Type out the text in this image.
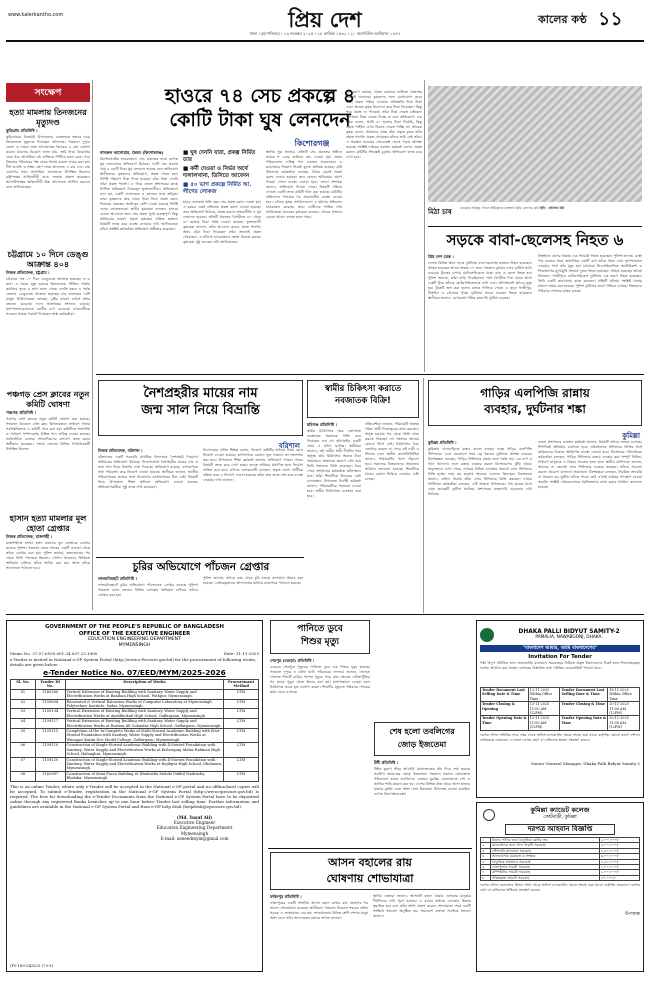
www.kalerkantho.com	প্রিয় দেশ
ঢাকা । বৃহস্পতিবার । ১৩ নভেম্বর ২০২৫ । ২৮ কার্তিক ১৪৩২ । ২০ জমাদিউল আউয়াল ১৪৪৭
কালের কণ্ঠ ১১
সংক্ষেপ
হত্যা মামলায় তিনজনের মৃত্যুদণ্ড
কুড়িগ্রাম প্রতিনিধি ।

কুড়িগ্রামের চিলমারী উপজেলার একজনকে হত্যার দায়ে তিনজনকে মৃত্যুদণ্ড দিয়েছেন আদালত। গতকাল দুপুরে জেলা ও দায়রা জজ আদালতের বিচারক এ রায় ঘোষণা করেন। মামলার বিবরণে জানা যায়, জমি নিয়ে বিরোধের জের ধরে আসামিরা ওই ব্যক্তিকে পিটিয়ে হত্যা করে। পরে নিহতের পরিবারের পক্ষ থেকে থানায় মামলা দায়ের করা হয়। দীর্ঘ শুনানি ও সাক্ষ্য গ্রহণ শেষে আদালত এ রায় দেন। রায় ঘোষণার সময় আসামিরা আদালতে উপস্থিত ছিলেন। রাষ্ট্রপক্ষের আইনজীবী রায়ে সন্তোষ প্রকাশ করেছেন। আসামিপক্ষের আইনজীবী উচ্চ আদালতে আপিল করবেন বলে জানিয়েছেন।

চট্টগ্রামে ১০ দিনে ডেঙ্গু আক্রান্ত ৪০৪
নিজস্ব প্রতিবেদক, চট্টগ্রাম ।

চট্টগ্রামে গত ১০ দিনে ডেঙ্গুতে আক্রান্ত হয়েছেন ৪০৪ জন। এ সময়ে মৃত্যু হয়েছে তিনজনের। সিভিল সার্জন কার্যালয় সূত্রে এ তথ্য জানা গেছে। চলতি বছরে এ পর্যন্ত জেলায় ডেঙ্গুতে আক্রান্ত হয়েছেন চার হাজারের বেশি মানুষ। চিকিৎসকেরা বলছেন, বৃষ্টির কারণে এডিস মশার প্রজনন বেড়েছে। ফলে আক্রান্তের সংখ্যাও বাড়ছে। হাসপাতালগুলোতে রোগীর চাপ বেড়েছে। নগরবাসীকে সচেতন থাকার পরামর্শ দিয়েছেন স্বাস্থ্য কর্মকর্তারা।

পঞ্চগড় প্রেস ক্লাবের নতুন কমিটি ঘোষণা
পঞ্চগড় প্রতিনিধি ।

পঞ্চগড় প্রেস ক্লাবের নতুন কমিটি ঘোষণা করা হয়েছে। গতকাল বিকেলে প্রেস ক্লাব মিলনায়তনে সাধারণ সভায় সর্বসম্মতিক্রমে এ কমিটি গঠন করা হয়। কমিটিতে সভাপতি ও সাধারণ সম্পাদকসহ বিভিন্ন পদে দায়িত্ব দেওয়া হয়েছে। নবনির্বাচিত নেতারা সাংবাদিকদের কল্যাণে কাজ করার অঙ্গীকার করেছেন। সভায় জেলার বিভিন্ন গণমাধ্যমকর্মী উপস্থিত ছিলেন।

হাসান হত্যা মামলার মূল হোতা গ্রেপ্তার
নিজস্ব প্রতিবেদক, রাজশাহী ।

রাজশাহীতে হাসান হত্যা মামলার মূল হোতাকে গ্রেপ্তার করেছে পুলিশ। গতকাল রাতে নগরের একটি এলাকা থেকে তাঁকে গ্রেপ্তার করা হয়। পুলিশ জানায়, হত্যাকাণ্ডের পর থেকে তিনি পলাতক ছিলেন। গোপন সংবাদের ভিত্তিতে অভিযান চালিয়ে তাঁকে আটক করা হয়। আজ তাঁকে আদালতে পাঠানো হবে।

হাওরে ৭৪ সেচ প্রকল্পে ৪
কোটি টাকা ঘুষ লেনদেন
কিশোরগঞ্জ
নাসরুল আনোয়ার, ভৈরব (কিশোরগঞ্জ)

কিশোরগঞ্জের হাওরাঞ্চলে সেচ প্রকল্পের নামে ব্যাপক ঘুষ লেনদেনের অভিযোগ উঠেছে। ৭৪টি সেচ প্রকল্পে প্রায় ৪ কোটি টাকা ঘুষ লেনদেন হয়েছে বলে অভিযোগ স্থানীয়দের। কৃষকদের অভিযোগ, প্রকল্প পেতে হলে নির্দিষ্ট পরিমাণ টাকা দিতে হয়েছে। যাঁরা টাকা দেননি তাঁরা প্রকল্প পাননি। এ নিয়ে জেলা প্রশাসকের কাছে লিখিত অভিযোগ দিয়েছেন ভুক্তভোগীরা। অভিযোগে বলা হয়, একটি দালালচক্র এ কাজের সঙ্গে জড়িত। তারা কৃষকদের কাছ থেকে টাকা নিয়ে প্রকল্প বরাদ্দ দিয়েছে। প্রকল্পের অর্ধেকের বেশি দেওয়া হয়েছে নির্দিষ্ট দলের লোকজনকে। স্থানীয় কৃষকেরা বলছেন, হাওরে বোরো আবাদের জন্য সেচ প্রকল্প খুবই গুরুত্বপূর্ণ। কিন্তু অনিয়মের কারণে প্রকৃত কৃষকেরা বঞ্চিত হচ্ছেন। বিষয়টি তদন্ত করে ব্যবস্থা নেওয়ার দাবি জানিয়েছেন তাঁরা। সংশ্লিষ্ট কর্মকর্তারা অভিযোগ অস্বীকার করেছেন।

■ ঘুষ দেননি যারা, প্রকল্প নির্মিত তার
■ কর্মী দেওয়া ও নির্ভর অর্থে দালালখানা, ডিসিতে আবেদন
■ ৫০ ভাগ প্রকল্পে নির্মিত আ. লীগের লোকজ

হাওর এলাকায় প্রতি বছর সেচ প্রকল্প বরাদ্দ দেওয়া হয়। এ বছরও একই প্রক্রিয়ায় প্রকল্প বরাদ্দ দেওয়া হয়েছে। তবে অভিযোগ উঠেছে, প্রকল্প বরাদ্দে স্বজনপ্রীতি ও ঘুষ লেনদেন হয়েছে। প্রতিটি প্রকল্পের বিপরীতে ৪০ থেকে ৬০ হাজার টাকা পর্যন্ত নেওয়া হয়েছে। ভুক্তভোগী কৃষকেরা জানান, তাঁরা আবেদন করেও প্রকল্প পাননি। অথচ যাঁরা টাকা দিয়েছেন তাঁরা সহজেই প্রকল্প পেয়েছেন। এ ঘটনায় হাওরাঞ্চলে ক্ষোভ বিরাজ করছে। কৃষকেরা সুষ্ঠু তদন্তের দাবি জানিয়েছেন।

স্থানীয় সূত্র জানায়, প্রতিটি সেচ প্রকল্পের অধীনে কয়েক শ একর জমিতে সেচ দেওয়া হয়। প্রকল্প পরিচালনার দায়িত্ব পান একজন ম্যানেজার। এ ম্যানেজার নিয়োগ নিয়েই মূলত অনিয়ম হয়েছে। কৃষি বিভাগের কর্মকর্তারা বলছেন, নিয়ম মেনেই প্রকল্প বরাদ্দ দেওয়া হয়েছে। তবে কোনো অনিয়মের প্রমাণ পাওয়া গেলে ব্যবস্থা নেওয়া হবে। জেলা প্রশাসক জানান, অভিযোগ পাওয়া গেছে। বিষয়টি খতিয়ে দেখতে একটি তদন্ত কমিটি গঠন করা হয়েছে। কমিটির প্রতিবেদন পাওয়ার পর প্রয়োজনীয় ব্যবস্থা নেওয়া হবে। এদিকে কৃষক সংগঠনগুলো এ ঘটনার প্রতিবাদে মানববন্ধন করেছে। তারা দোষীদের শাস্তির দাবি জানিয়েছে। হাওরের কৃষকেরা বলছেন, সেচের অভাবে বোরো আবাদ ব্যাহত হতে পারে।

অভিযোগ রয়েছে, প্রকল্প বরাদ্দের তালিকা প্রকাশের আগেই দালালরা কৃষকদের সঙ্গে যোগাযোগ করে। তারা প্রকল্প পাইয়ে দেওয়ার প্রতিশ্রুতি দিয়ে টাকা নেয়। অনেক কৃষক ধারদেনা করে টাকা দিয়েছেন। কিন্তু পরে প্রকল্প না পাওয়ায় তাঁরা টাকা ফেরত চাইছেন। দালালরা টাকা ফেরত দিচ্ছে না বলে অভিযোগ। এক কৃষক বলেন, আমি ৫০ হাজার টাকা দিয়েছি, কিন্তু প্রকল্প পাইনি। এখন টাকাও ফেরত পাচ্ছি না। আরেক কৃষক বলেন, আমাদের গ্রামে যাঁরা প্রকৃত কৃষক তাঁরা প্রকল্প পাননি। প্রকল্প পেয়েছেন যাঁদের জমি নেই তাঁরা। এ অবস্থায় হাওরের সেচব্যবস্থা ভেঙে পড়ার আশঙ্কা রয়েছে। সংশ্লিষ্ট দপ্তরের একজন কর্মকর্তা বলেন, প্রকল্প বরাদ্দে কমিটির সিদ্ধান্তই চূড়ান্ত। অভিযোগ তদন্ত করে দেখা হবে।

মিঠা চাষ	বগুড়ায় আলুর খেতে শ্রমিকদের ব্যস্ততা। ছবি: কালের কণ্ঠ ছবি : কালের কণ্ঠ
সড়কে বাবা-ছেলেসহ নিহত ৬
প্রিয় দেশ ডেস্ক ।

দেশের বিভিন্ন স্থানে সড়ক দুর্ঘটনায় বাবা-ছেলেসহ ছয়জন নিহত হয়েছেন। আহত হয়েছেন আরো অন্তত ১০ জন। গতকাল বুধবার এসব দুর্ঘটনা ঘটে। বগুড়ায় ট্রাকের চাপায় মোটরসাইকেলে থাকা বাবা ও ছেলে নিহত হন। পুলিশ জানায়, তাঁরা বাড়ি ফিরছিলেন। পথে বিপরীত দিক থেকে আসা একটি ট্রাক তাঁদের মোটরসাইকেলকে চাপা দেয়। ঘটনাস্থলেই তাঁদের মৃত্যু হয়। ট্রাকটি জব্দ করা হলেও চালক পালিয়ে গেছে। এ ছাড়া গাজীপুর, টাঙ্গাইল ও চট্টগ্রামে পৃথক দুর্ঘটনায় আরো চারজন নিহত হয়েছেন। স্থানীয়রা জানান, বেপরোয়া গতির কারণেই দুর্ঘটনা বাড়ছে।

টাঙ্গাইলে বাসের ধাক্কায় এক পথচারী নিহত হয়েছেন। পুলিশ জানায়, রাস্তা পার হওয়ার সময় দ্রুতগতির একটি বাস তাঁকে ধাক্কা দেয়। হাসপাতালে নেওয়ার পথে তাঁর মৃত্যু হয়। চট্টগ্রামে সিএনজিচালিত অটোরিকশা ও পিকআপের মুখোমুখি সংঘর্ষে দুজন নিহত হয়েছেন। আহত হয়েছেন আরো তিনজন। গাজীপুরে মোটরসাইকেল দুর্ঘটনায় এক তরুণ নিহত হয়েছেন। তিনি একটি কারখানায় কাজ করতেন। প্রতিটি ঘটনায় সংশ্লিষ্ট থানায় মামলা দায়ের করা হয়েছে। পুলিশ দুর্ঘটনার কারণ খতিয়ে দেখছে। নিহতদের পরিবারে শোকের মাতম চলছে।

নৈশপ্রহরীর মায়ের নাম
জন্ম সাল নিয়ে বিভ্রান্তি
বরিশাল
নিজস্ব প্রতিবেদক, বরিশাল ।

বরিশালের একটি সরকারি প্রাথমিক বিদ্যালয়ে নৈশপ্রহরী নিয়োগে অনিয়মের অভিযোগ উঠেছে। নিয়োগপ্রাপ্ত নৈশপ্রহরীর মায়ের নাম ও জন্ম সাল নিয়ে বিভ্রান্তি দেখা দিয়েছে। অভিযোগ রয়েছে, কাগজপত্রে তথ্য পরিবর্তন করে নিয়োগ দেওয়া হয়েছে। স্থানীয়রা জানান, জাতীয় পরিচয়পত্রের তথ্যের সঙ্গে নিয়োগের কাগজপত্রের মিল নেই। বিষয়টি নিয়ে উপজেলা শিক্ষা অফিসে অভিযোগ দেওয়া হয়েছে। অভিযোগকারীরা সুষ্ঠু তদন্ত দাবি করেছেন।

বিদ্যালয়ের প্রধান শিক্ষক বলেন, নিয়োগ কমিটির মাধ্যমে নিয়ম মেনে নিয়োগ দেওয়া হয়েছে। কাগজপত্রে কোনো ভুল থাকলে তা সংশোধন করা হবে। উপজেলা শিক্ষা কর্মকর্তা জানান, অভিযোগ পাওয়া গেছে। বিষয়টি তদন্ত করে দেখা হচ্ছে। তদন্তে অনিয়ম প্রমাণিত হলে নিয়োগ বাতিল করা হবে। এদিকে এলাকাবাসী বলছেন, প্রকৃত যোগ্য প্রার্থীকে বঞ্চিত করে এ নিয়োগ দেওয়া হয়েছে। তাঁরা দ্রুত তদন্ত শেষ করে ব্যবস্থা নেওয়ার দাবি জানান।

স্বামীর চিকিৎসা করাতে
নবজাতক বিক্রি!
হবিগঞ্জ প্রতিনিধি ।

স্বামীর চিকিৎসার খরচ জোগাতে নবজাতক সন্তানকে বিক্রি করে দিয়েছেন এক মা। হবিগঞ্জের একটি গ্রামে এ ঘটনা ঘটেছে। স্থানীয়রা জানান, ওই নারীর স্বামী দীর্ঘদিন ধরে অসুস্থ। তাঁর চিকিৎসায় অনেক টাকা প্রয়োজন। অভাবের কারণে বাধ্য হয়ে তিনি সন্তানকে বিক্রি করেছেন। খবর পেয়ে প্রশাসনের কর্মকর্তারা ঘটনাস্থলে যান। তাঁরা শিশুটিকে উদ্ধারের চেষ্টা চালাচ্ছেন। উপজেলা নির্বাহী কর্মকর্তা জানান, পরিবারটিকে সহায়তা দেওয়া হবে। স্বামীর চিকিৎসার ব্যবস্থাও করা হবে।

প্রতিবেশীরা জানান, পরিবারটি অত্যন্ত দরিদ্র। স্বামী দিনমজুরের কাজ করতেন। অসুস্থ হওয়ার পর থেকে তিনি কাজ করতে পারছেন না। সংসারে আয়ের কোনো উৎস নেই। চিকিৎসার খরচ জোগাড় করতে না পেরে ওই নারী এ সিদ্ধান্ত নেন। স্থানীয় জনপ্রতিনিধিরা জানান, পরিবারটির পাশে দাঁড়ানো হবে। সমাজের বিত্তবানদের সহায়তার আহ্বান জানানো হয়েছে। শিশুটিকে মায়ের কোলে ফিরিয়ে দেওয়ার চেষ্টা চলছে।

গাড়ির এলপিজি রান্নায়
ব্যবহার, দুর্ঘটনার শঙ্কা
কুমিল্লা
কুমিল্লা প্রতিনিধি ।

কুমিল্লায় বাসাবাড়িতে রান্নার কাজে ব্যবহার হচ্ছে গাড়ির এলপিজি সিলিন্ডার। এতে যেকোনো সময় বড় ধরনের দুর্ঘটনার আশঙ্কা রয়েছে। বিশেষজ্ঞরা বলছেন, গাড়ির সিলিন্ডার রান্নার জন্য তৈরি নয়। এর চাপ ও গঠন আলাদা। ফলে রান্নায় ব্যবহার করলে বিস্ফোরণের ঝুঁকি থাকে। অনুসন্ধানে দেখা গেছে, নগরের বিভিন্ন এলাকায় অবাধে এসব সিলিন্ডার বিক্রি হচ্ছে। দামে কম হওয়ায় অনেকে এগুলো কিনছেন। বিক্রেতারা জানান, চাহিদা থাকায় তাঁরা এসব সিলিন্ডার বিক্রি করছেন। ফায়ার সার্ভিসের কর্মকর্তারা বলছেন, এটি অত্যন্ত বিপজ্জনক। গত কয়েক মাসে এমন কয়েকটি দুর্ঘটনা ঘটেছে। প্রশাসনের নজরদারি বাড়ানোর দাবি উঠেছে।

জেলা প্রশাসনের একজন কর্মকর্তা জানান, বিষয়টি তাঁদের নজরে এসেছে। শিগগিরই অভিযান চালানো হবে। অবৈধভাবে সিলিন্ডার বিক্রির সঙ্গে জড়িতদের বিরুদ্ধে আইনগত ব্যবস্থা নেওয়া হবে। বিস্ফোরক পরিদপ্তরের কর্মকর্তারা বলছেন, গাড়ির সিলিন্ডার রান্নায় ব্যবহার করা সম্পূর্ণ নিষিদ্ধ। সাধারণ মানুষকে এ বিষয়ে সচেতন হতে হবে। স্থানীয় বাসিন্দারা জানান, অনেকে না জেনেই এসব সিলিন্ডার ব্যবহার করছেন। তাঁদের সচেতন করতে প্রচারণা চালানো প্রয়োজন। বিশেষজ্ঞরা বলছেন, নিয়মিত তদারকি না থাকলে বড় দুর্ঘটনা ঘটতে পারে। তাই এখনই কার্যকর পদক্ষেপ নেওয়া জরুরি। সংশ্লিষ্ট দপ্তরগুলোকে সমন্বিতভাবে কাজ করার আহ্বান জানানো হয়েছে।

চুরির অভিযোগে পাঁচজন গ্রেপ্তার
লালমনিরহাট প্রতিনিধি ।

লালমনিরহাটে চুরির অভিযোগে পাঁচজনকে গ্রেপ্তার করেছে পুলিশ। গতকাল রাতে জেলার বিভিন্ন এলাকায় অভিযান চালিয়ে তাঁদের গ্রেপ্তার করা হয়।

পুলিশ জানায়, তাঁদের কাছ থেকে চুরি যাওয়া মালামাল উদ্ধার করা হয়েছে। গ্রেপ্তারকৃতদের আদালতের মাধ্যমে কারাগারে পাঠানো হয়েছে।

GOVERNMENT OF THE PEOPLE'S REPUBLIC OF BANGLADESH
OFFICE OF THE EXECUTIVE ENGINEER
EDUCATION ENGINEERING DEPARTMENT
MYMENSINGH
Memo No. 37.07.6100.001.34.037.25.1900	Date: 11-11-2025
e-Tender is invited in National e-GP System Portal (http://www.e-Procure.gov.bd) for the procurement of following works, details are given below:
e-Tender Notice No. 07/EED/MYM/2025-2026
Sl. No.	Tender ID No.	Description of Works	Procurement Method
01	1160160	Vertical Extension of Existing Building with Sanitary, Water Supply and Electrification Works at Baniban High School, Puthpur, Mymensingh.	LTM
02	1159804	Renovated & Vertical Extension Works of Computer Laboratory at Mymensingh Polytechnic Institute, Sadar, Mymensingh.	LTM
03	1159134	Vertical Extension of Existing Building with Sanitary, Water Supply and Electrification Works at Ayubkhokali High School, Gaffargaon, Mymensingh.	LTM
04	1159117	Vertical Extension of Existing Building with Sanitary, Water Supply and Electrification Works at Rostom Ali Golandaz High School, Gaffargaon, Mymensingh.	LTM
05	1159115	Completion of the In-Complete Works of Multi-Storied Academic Building with Four-Storied Foundation with Sanitary, Water Supply and Electrification Works at Wunagor Karim Dev Model College, Gaffargaon, Mymensingh.	LTM
06	1159110	Construction of Single-Storied Academic Building with 4-Storied Foundation with Sanitary, Water Supply and Electrification Works at Kishorgonj Abdur Rahman High School, Haluaghat, Mymensingh.	LTM
07	1159120	Construction of Single-Storied Academic Building with 4-Storied Foundation with Sanitary, Water Supply and Electrification Works at Rajibpur High School, Dhobaura, Mymensingh.	LTM
08	1162987	Construction of Semi Pucca Building at Dhnitovila Mohila Dakhil Madrasha, Bhaluka, Mymensingh.	LTM
This is an online Tender, where only e-Tender will be accepted in the National e-GP portal and no offline/hard copies will be accepted. To submit e-Tender, registration in the National e-GP System Portal (http://www.eprocure.gov.bd) is required. The fees for downloading the e-Tender Documents from the National e-GP System Portal have to be deposited online through any registered Banks branches up to one hour before Tender last selling time. Further information and guidelines are available in the National e-GP System Portal and from e-GP help desk (helpdesk@eprocure.gov.bd).
(Md. Yusuf Ali)
Executive Engineer
Education Engineering Department
Mymensingh
E-mail: xeneedmym@gmail.com
(PI-183-543/25 (7×3)
পানিতে ডুবে
শিশুর মৃত্যু
শেরপুর (বগুড়া) প্রতিনিধি ।

বগুড়ার শেরপুরে পুকুরের পানিতে ডুবে এক শিশুর মৃত্যু হয়েছে। গতকাল দুপুরে এ ঘটনা ঘটে। পরিবারের সদস্যরা জানান, খেলতে খেলতে শিশুটি বাড়ির পাশের পুকুরে পড়ে যায়। অনেক খোঁজাখুঁজির পর তাকে পুকুর থেকে উদ্ধার করা হয়। হাসপাতালে নেওয়া হলে চিকিৎসক তাকে মৃত ঘোষণা করেন। শিশুটির মৃত্যুতে পরিবারে শোকের ছায়া নেমে এসেছে।

শেষ হলো তবলিগের
জোড় ইজতেমা
টঙ্গী প্রতিনিধি ।

টঙ্গীর তুরাগ তীরে আখেরি মোনাজাতের মধ্য দিয়ে শেষ হয়েছে তবলিগ জামাতের জোড় ইজতেমা। গতকাল সকালে মোনাজাত পরিচালনা করেন তবলিগের একজন মুরব্বি। মোনাজাতে দেশ ও জাতির শান্তি কামনা করা হয়। দেশের বিভিন্ন প্রান্ত থেকে আসা হাজার হাজার মুসল্লি এতে অংশ নেন। ইজতেমা উপলক্ষে নেওয়া হয়েছিল ব্যাপক নিরাপত্তাব্যবস্থা।

আসন বহালের রায়
ঘোষণায় শোভাযাত্রা
ফরিদপুর প্রতিনিধি ।

ফরিদপুরের একটি সংসদীয় আসন বহাল রাখার রায় ঘোষণার পর আনন্দ শোভাযাত্রা করেছেন স্থানীয়রা। গতকাল বিকেলে শহরের প্রধান সড়কে এ শোভাযাত্রা বের হয়। শোভাযাত্রায় বিভিন্ন শ্রেণি-পেশার মানুষ অংশ নেন। তাঁরা আদালতের রায়কে স্বাগত জানান।

স্থানীয় নেতারা জানান, আসনটি বহাল থাকায় এলাকার মানুষের দীর্ঘদিনের দাবি পূরণ হয়েছে। এ রায়ের মাধ্যমে এলাকার উন্নয়ন ত্বরান্বিত হবে বলে তাঁরা আশা প্রকাশ করেন। শোভাযাত্রা শেষে একটি সংক্ষিপ্ত সমাবেশ অনুষ্ঠিত হয়। সমাবেশে বক্তারা সবাইকে ধন্যবাদ জানান।

DHAKA PALLI BIDYUT SAMITY-2
PAMALIA, NAWABGONJ, DHAKA.
"বাংলাদেশ আমার, আমি বাংলাদেশের"
Invitation For Tender

পল্লী বিদ্যুৎ সমিতির জন্য প্রয়োজনীয় মালামাল সরবরাহের নিমিত্তে প্রকৃত ঠিকাদারদের নিকট হতে সিলমোহরকৃত দরপত্র আহ্বান করা যাচ্ছে। দরপত্রের বিস্তারিত তথ্য সমিতির ওয়েবসাইটে পাওয়া যাবে।

Tender Document Last Selling Date & Time	12-11-2025 Within Office Time	Tender Document Last Selling Date & Time	18-11-2025 Within Office Time
Tender Closing & Opening	13-11-2025 11:00 AM (12PM)	Tender Closing & Time	20-11-2025 11:00 AM (12PM)
Tender Opening Date & Time	13-11-2025 11:00 AM (12PM)	Tender Opening Date & Time	20-11-2025 11:00 AM (12PM)

দরপত্র দলিল সমিতির সদর দপ্তর থেকে অফিস চলাকালীন সময়ে সংগ্রহ করা যাবে। কর্তৃপক্ষ কোনো কারণ দর্শানো ব্যতিরেকে যেকোনো বা সকল দরপত্র গ্রহণ বা বাতিলের ক্ষমতা সংরক্ষণ করেন।

Senior General Manager, Dhaka Palli Bidyut Samity-2
কুমিল্লা ক্যাডেট কলেজ
কোটবাড়ী, কুমিল্লা
দরপত্র আহবান বিজ্ঞপ্তি
১	বিশুদ্ধ পানির জন্য বৈদ্যুতিক মোটর ক্রয়	২,০০,০০০/-
২	ক্যাডেটদের জন্য খাদ্য সামগ্রী সরবরাহ	৫,০০,০০০/-
৩	স্টেশনারি মালামাল সরবরাহ	১,৫০,০০০/-
৪	আসবাবপত্র মেরামত ও সংস্কার	৩,০০,০০০/-
৫	বৈদ্যুতিক মালামাল সরবরাহ	২,৫০,০০০/-
৬	খেলাধুলার সামগ্রী সরবরাহ	১,০০,০০০/-
৭	কম্পিউটার সামগ্রী সরবরাহ	২,০০,০০০/-
৮	পরিচ্ছন্নতা সামগ্রী সরবরাহ	৫০,০০০/-

দরপত্র দলিল কলেজের হিসাব শাখা থেকে অফিস চলাকালীন সময়ে সংগ্রহ করা যাবে। কর্তৃপক্ষ যেকোনো দরপত্র গ্রহণ বা বাতিলের অধিকার সংরক্ষণ করেন।

উপাধ্যক্ষ
